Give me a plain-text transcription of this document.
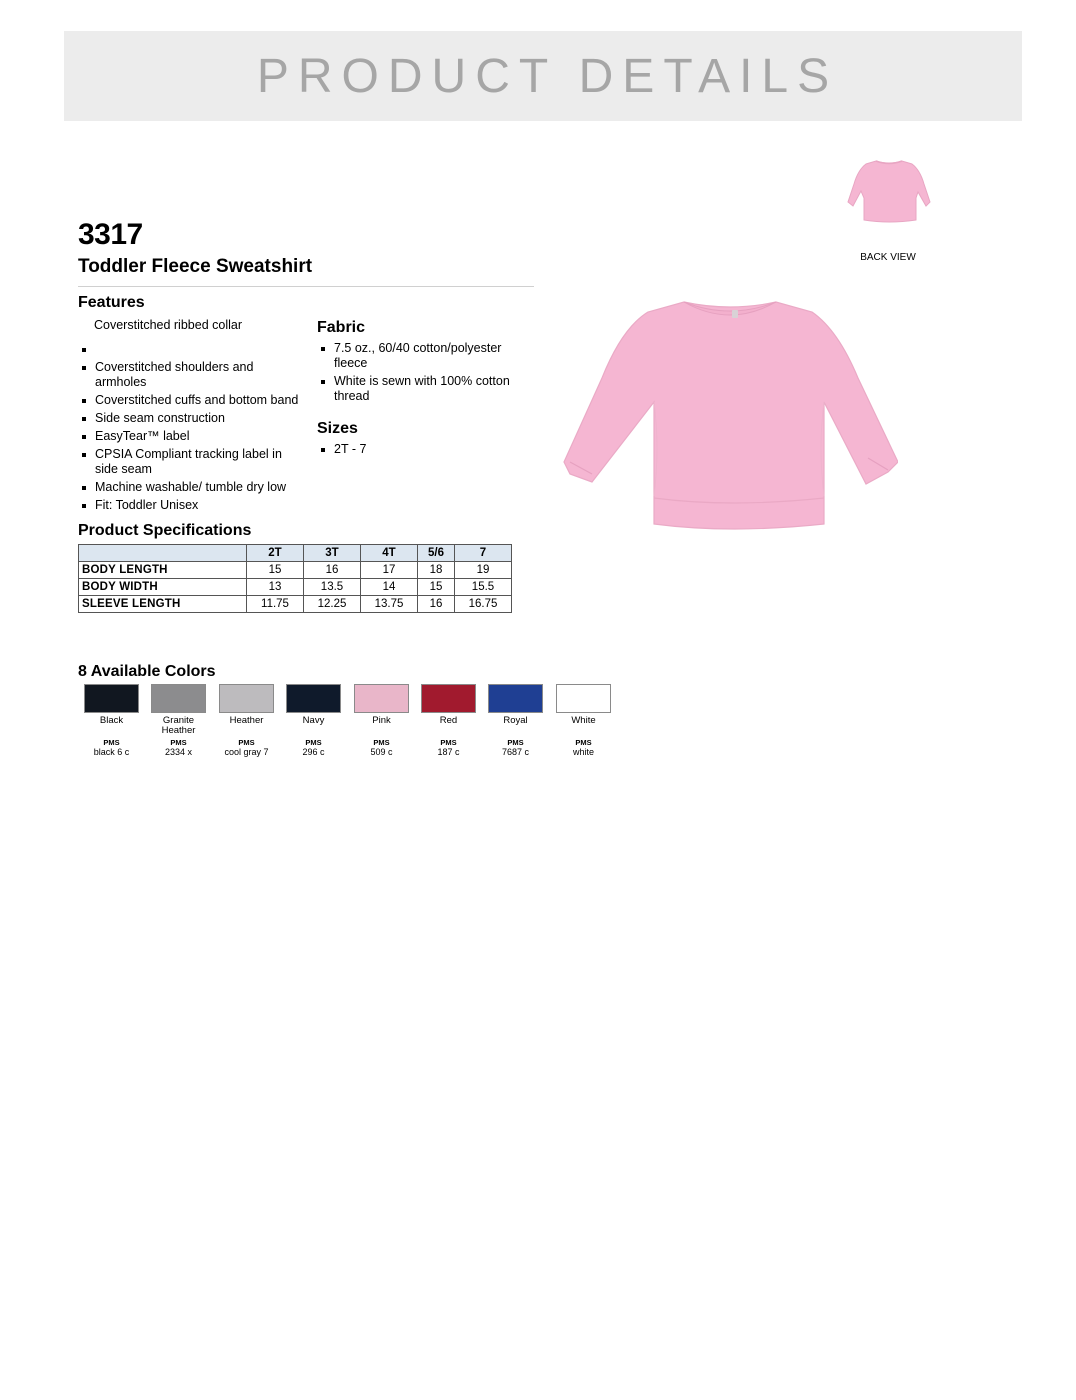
PRODUCT DETAILS
3317
Toddler Fleece Sweatshirt
Features
Coverstitched ribbed collar
Coverstitched shoulders and armholes
Coverstitched cuffs and bottom band
Side seam construction
EasyTear™ label
CPSIA Compliant tracking label in side seam
Machine washable/ tumble dry low
Fit: Toddler Unisex
Fabric
7.5 oz., 60/40 cotton/polyester fleece
White is sewn with 100% cotton thread
Sizes
2T - 7
Product Specifications
	2T	3T	4T	5/6	7
BODY LENGTH	15	16	17	18	19
BODY WIDTH	13	13.5	14	15	15.5
SLEEVE LENGTH	11.75	12.25	13.75	16	16.75
8 Available Colors
Black
PMS
black 6 c
Granite Heather
PMS
2334 x
Heather
PMS
cool gray 7
Navy
PMS
296 c
Pink
PMS
509 c
Red
PMS
187 c
Royal
PMS
7687 c
White
PMS
white
BACK VIEW
